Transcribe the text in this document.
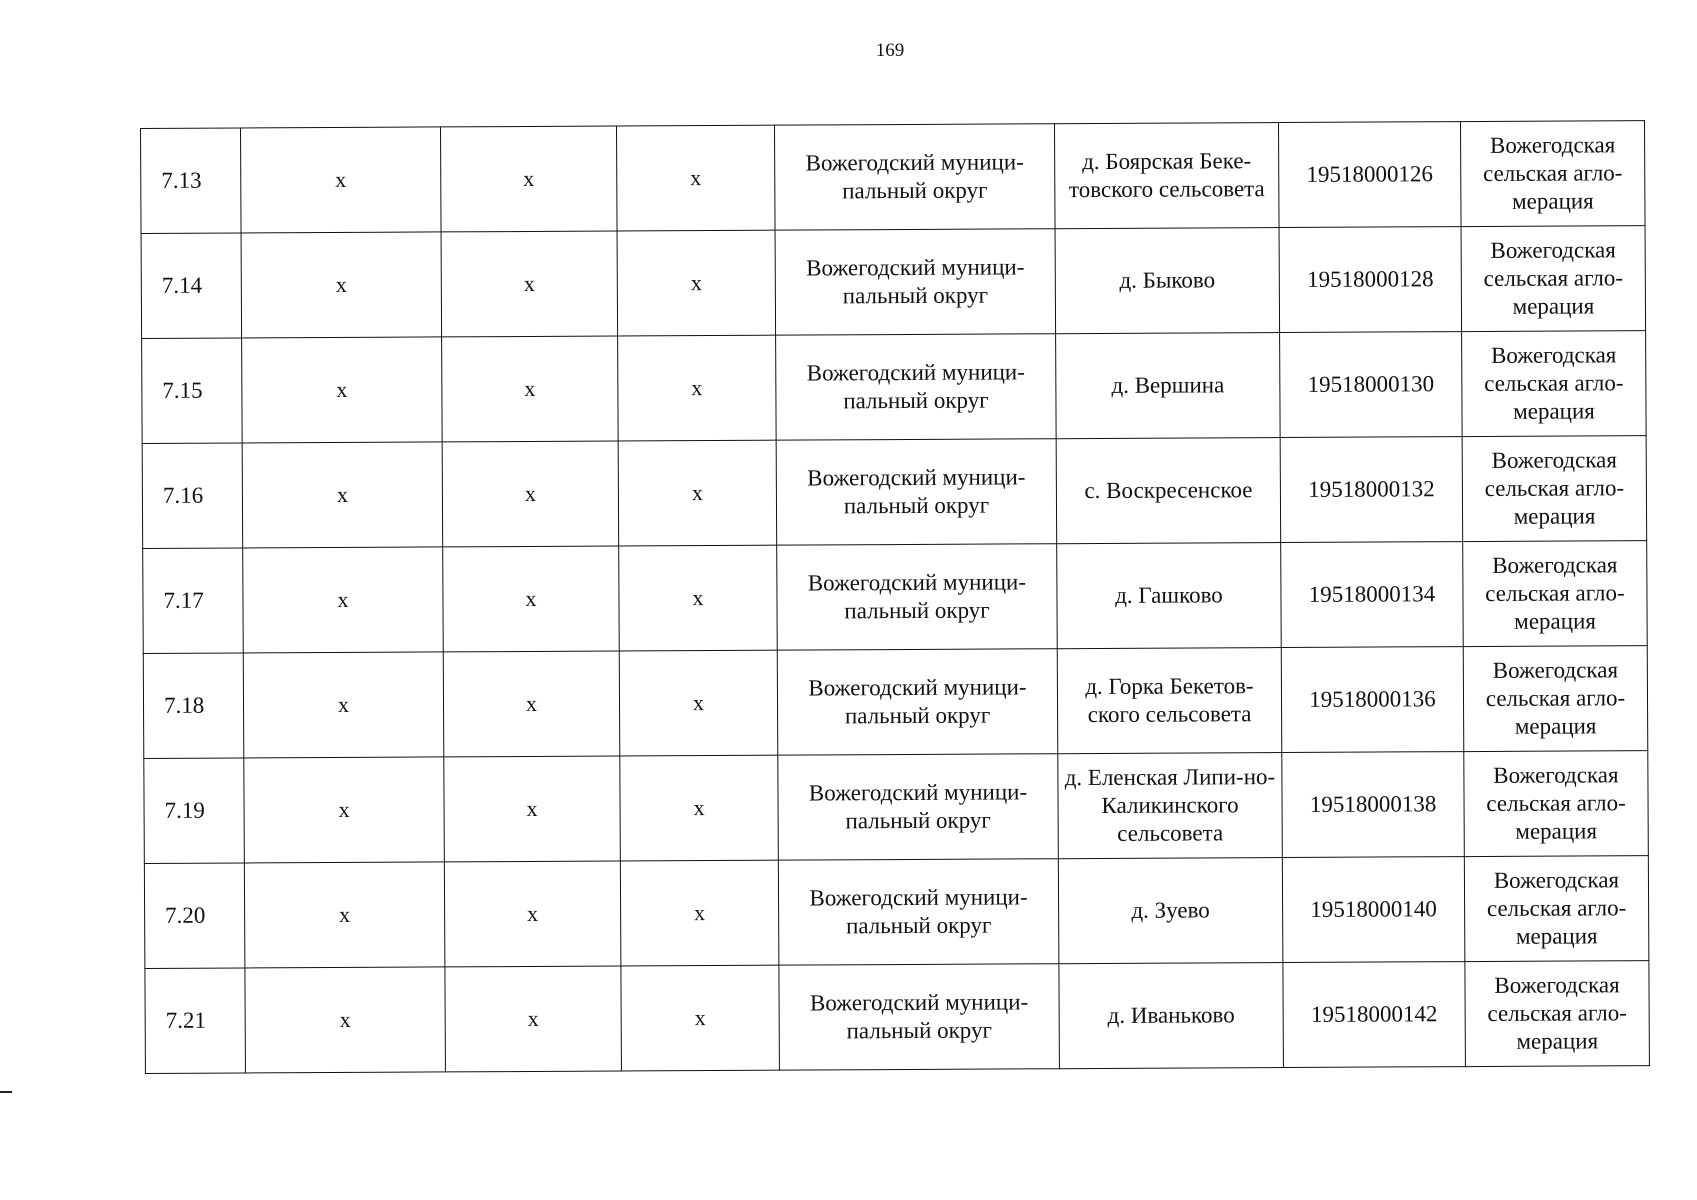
169
7.13	x	x	x	Вожегодский муници-пальный округ	д. Боярская Беке-товского сельсовета	19518000126	Вожегодская сельская агло-мерация
7.14	x	x	x	Вожегодский муници-пальный округ	д. Быково	19518000128	Вожегодская сельская агло-мерация
7.15	x	x	x	Вожегодский муници-пальный округ	д. Вершина	19518000130	Вожегодская сельская агло-мерация
7.16	x	x	x	Вожегодский муници-пальный округ	с. Воскресенское	19518000132	Вожегодская сельская агло-мерация
7.17	x	x	x	Вожегодский муници-пальный округ	д. Гашково	19518000134	Вожегодская сельская агло-мерация
7.18	x	x	x	Вожегодский муници-пальный округ	д. Горка Бекетов-ского сельсовета	19518000136	Вожегодская сельская агло-мерация
7.19	x	x	x	Вожегодский муници-пальный округ	д. Еленская Липи-но-Каликинского сельсовета	19518000138	Вожегодская сельская агло-мерация
7.20	x	x	x	Вожегодский муници-пальный округ	д. Зуево	19518000140	Вожегодская сельская агло-мерация
7.21	x	x	x	Вожегодский муници-пальный округ	д. Иваньково	19518000142	Вожегодская сельская агло-мерация
